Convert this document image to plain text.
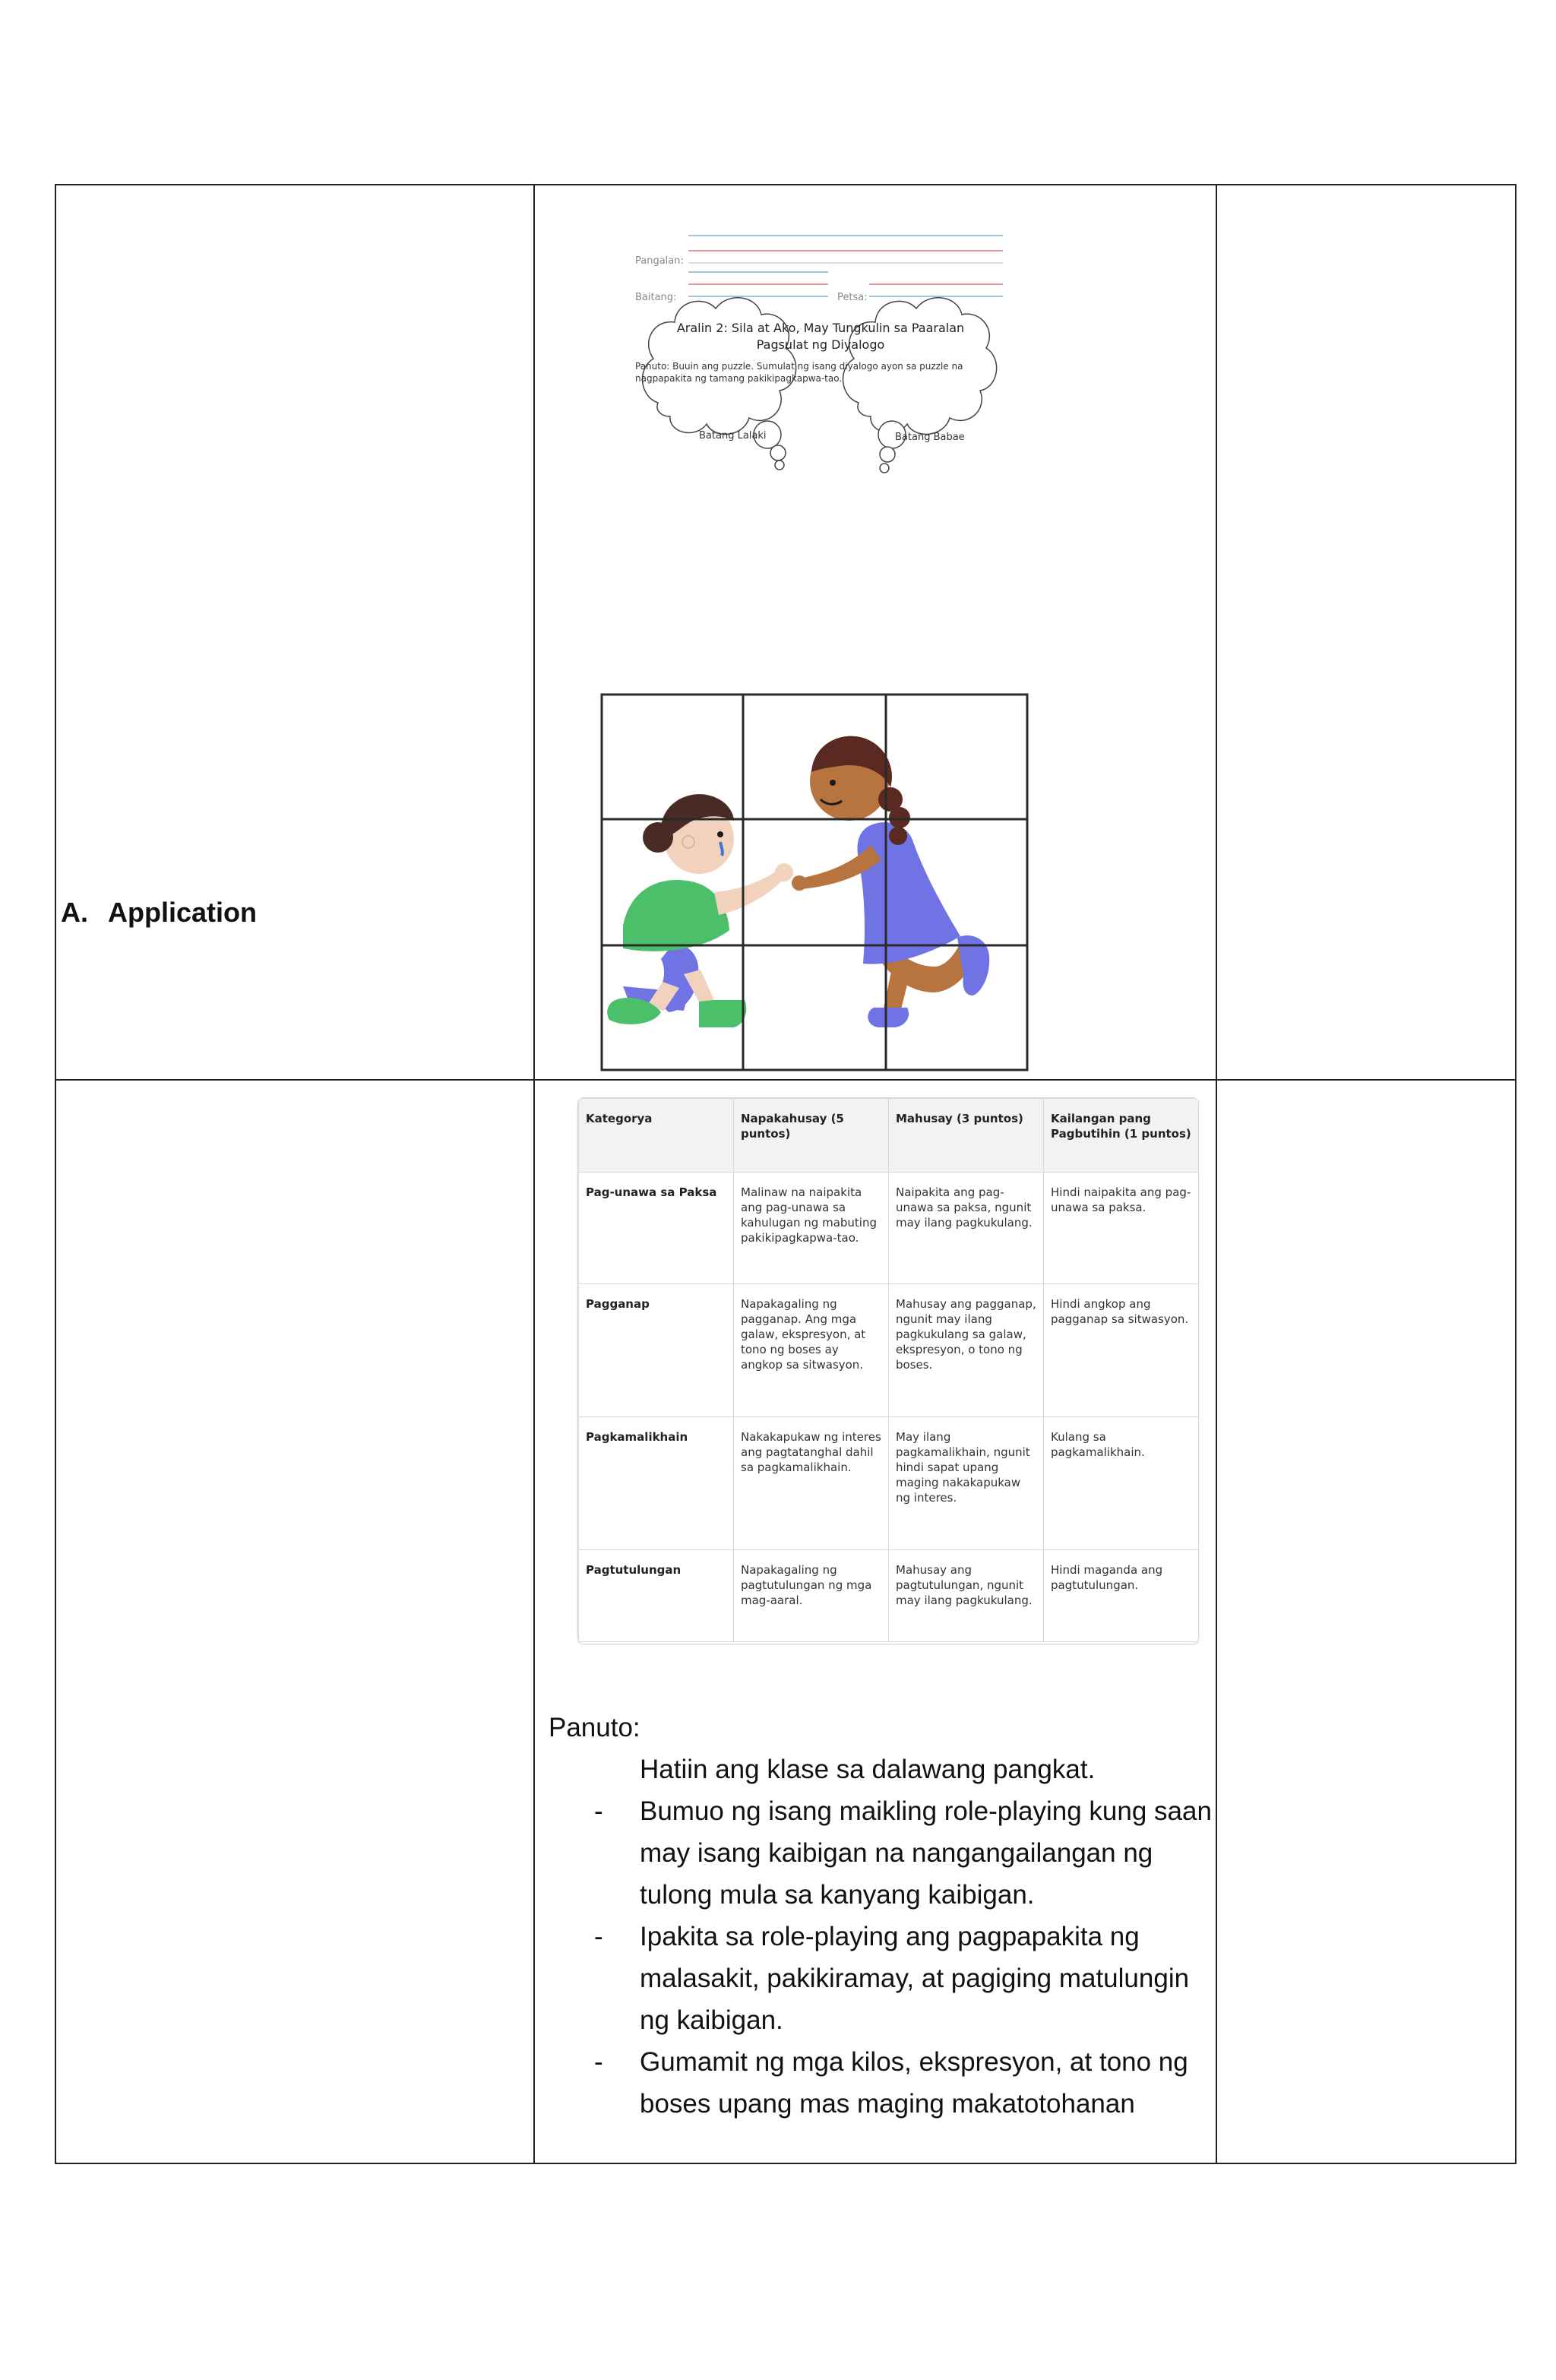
A. Application
Pangalan:
Baitang:	Petsa:
Aralin 2: Sila at Ako, May Tungkulin sa Paaralan
Pagsulat ng Diyalogo
Panuto: Buuin ang puzzle. Sumulat ng isang diyalogo ayon sa puzzle na
nagpapakita ng tamang pakikipagkapwa-tao.
Batang Lalaki	Batang Babae
Kategorya	Napakahusay (5 puntos)	Mahusay (3 puntos)	Kailangan pang Pagbutihin (1 puntos)
Pag-unawa sa Paksa	Malinaw na naipakita ang pag-unawa sa kahulugan ng mabuting pakikipagkapwa-tao.	Naipakita ang pag-unawa sa paksa, ngunit may ilang pagkukulang.	Hindi naipakita ang pag-unawa sa paksa.
Pagganap	Napakagaling ng pagganap. Ang mga galaw, ekspresyon, at tono ng boses ay angkop sa sitwasyon.	Mahusay ang pagganap, ngunit may ilang pagkukulang sa galaw, ekspresyon, o tono ng boses.	Hindi angkop ang pagganap sa sitwasyon.
Pagkamalikhain	Nakakapukaw ng interes ang pagtatanghal dahil sa pagkamalikhain.	May ilang pagkamalikhain, ngunit hindi sapat upang maging nakakapukaw ng interes.	Kulang sa pagkamalikhain.
Pagtutulungan	Napakagaling ng pagtutulungan ng mga mag-aaral.	Mahusay ang pagtutulungan, ngunit may ilang pagkukulang.	Hindi maganda ang pagtutulungan.
Panuto:
Hatiin ang klase sa dalawang pangkat.
- Bumuo ng isang maikling role-playing kung saan may isang kaibigan na nangangailangan ng tulong mula sa kanyang kaibigan.
- Ipakita sa role-playing ang pagpapakita ng malasakit, pakikiramay, at pagiging matulungin ng kaibigan.
- Gumamit ng mga kilos, ekspresyon, at tono ng boses upang mas maging makatotohanan
